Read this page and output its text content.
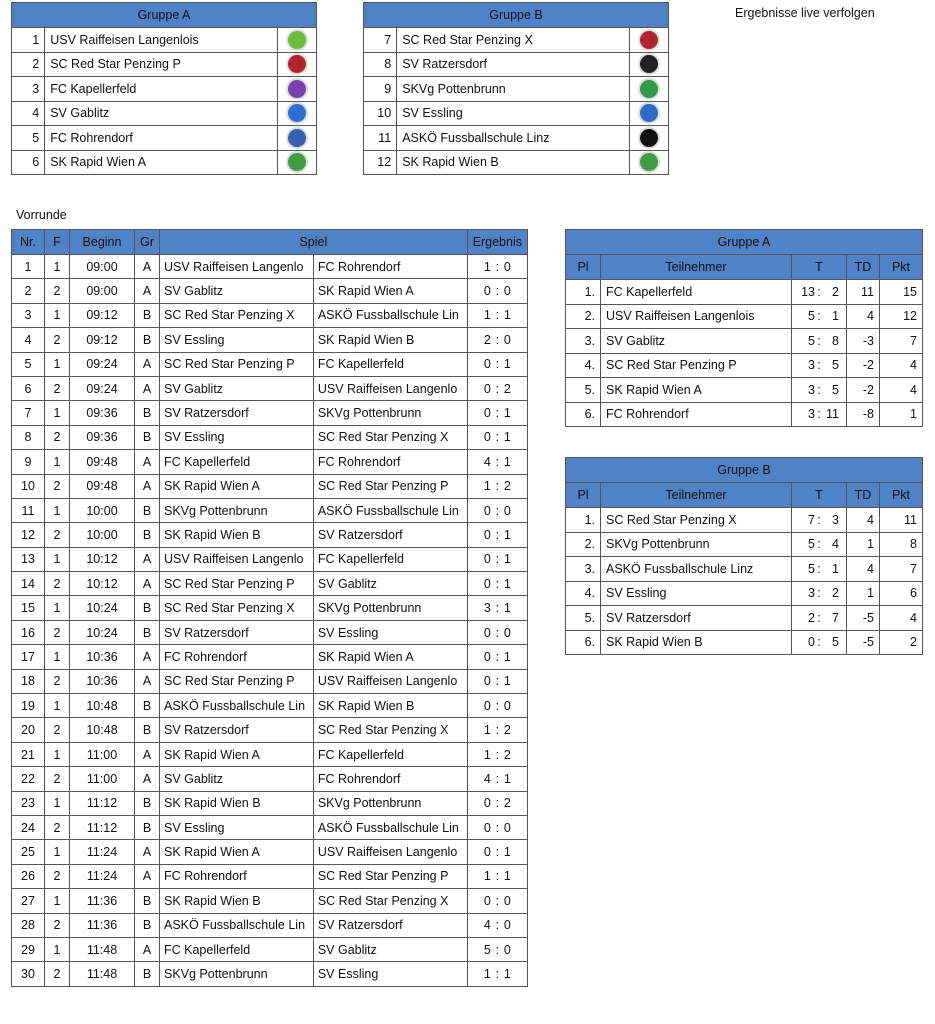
Ergebnisse live verfolgen
Gruppe A		
1	USV Raiffeisen Langenlois	
2	SC Red Star Penzing P	
3	FC Kapellerfeld	
4	SV Gablitz	
5	FC Rohrendorf	
6	SK Rapid Wien A	
Gruppe B		
7	SC Red Star Penzing X	
8	SV Ratzersdorf	
9	SKVg Pottenbrunn	
10	SV Essling	
11	ASKÖ Fussballschule Linz	
12	SK Rapid Wien B	
Vorrunde
Nr.	F	Beginn	Gr	Spiel		Ergebnis
1	1	09:00	A	USV Raiffeisen Langenlo	FC Rohrendorf	1 : 0
2	2	09:00	A	SV Gablitz	SK Rapid Wien A	0 : 0
3	1	09:12	B	SC Red Star Penzing X	ASKÖ Fussballschule Lin	1 : 1
4	2	09:12	B	SV Essling	SK Rapid Wien B	2 : 0
5	1	09:24	A	SC Red Star Penzing P	FC Kapellerfeld	0 : 1
6	2	09:24	A	SV Gablitz	USV Raiffeisen Langenlo	0 : 2
7	1	09:36	B	SV Ratzersdorf	SKVg Pottenbrunn	0 : 1
8	2	09:36	B	SV Essling	SC Red Star Penzing X	0 : 1
9	1	09:48	A	FC Kapellerfeld	FC Rohrendorf	4 : 1
10	2	09:48	A	SK Rapid Wien A	SC Red Star Penzing P	1 : 2
11	1	10:00	B	SKVg Pottenbrunn	ASKÖ Fussballschule Lin	0 : 0
12	2	10:00	B	SK Rapid Wien B	SV Ratzersdorf	0 : 1
13	1	10:12	A	USV Raiffeisen Langenlo	FC Kapellerfeld	0 : 1
14	2	10:12	A	SC Red Star Penzing P	SV Gablitz	0 : 1
15	1	10:24	B	SC Red Star Penzing X	SKVg Pottenbrunn	3 : 1
16	2	10:24	B	SV Ratzersdorf	SV Essling	0 : 0
17	1	10:36	A	FC Rohrendorf	SK Rapid Wien A	0 : 1
18	2	10:36	A	SC Red Star Penzing P	USV Raiffeisen Langenlo	0 : 1
19	1	10:48	B	ASKÖ Fussballschule Lin	SK Rapid Wien B	0 : 0
20	2	10:48	B	SV Ratzersdorf	SC Red Star Penzing X	1 : 2
21	1	11:00	A	SK Rapid Wien A	FC Kapellerfeld	1 : 2
22	2	11:00	A	SV Gablitz	FC Rohrendorf	4 : 1
23	1	11:12	B	SK Rapid Wien B	SKVg Pottenbrunn	0 : 2
24	2	11:12	B	SV Essling	ASKÖ Fussballschule Lin	0 : 0
25	1	11:24	A	SK Rapid Wien A	USV Raiffeisen Langenlo	0 : 1
26	2	11:24	A	FC Rohrendorf	SC Red Star Penzing P	1 : 1
27	1	11:36	B	SK Rapid Wien B	SC Red Star Penzing X	0 : 0
28	2	11:36	B	ASKÖ Fussballschule Lin	SV Ratzersdorf	4 : 0
29	1	11:48	A	FC Kapellerfeld	SV Gablitz	5 : 0
30	2	11:48	B	SKVg Pottenbrunn	SV Essling	1 : 1
Gruppe A				
Pl	Teilnehmer	T	TD	Pkt
1.	FC Kapellerfeld	13 : 2	11	15
2.	USV Raiffeisen Langenlois	5 : 1	4	12
3.	SV Gablitz	5 : 8	-3	7
4.	SC Red Star Penzing P	3 : 5	-2	4
5.	SK Rapid Wien A	3 : 5	-2	4
6.	FC Rohrendorf	3 : 11	-8	1
Gruppe B				
Pl	Teilnehmer	T	TD	Pkt
1.	SC Red Star Penzing X	7 : 3	4	11
2.	SKVg Pottenbrunn	5 : 4	1	8
3.	ASKÖ Fussballschule Linz	5 : 1	4	7
4.	SV Essling	3 : 2	1	6
5.	SV Ratzersdorf	2 : 7	-5	4
6.	SK Rapid Wien B	0 : 5	-5	2
